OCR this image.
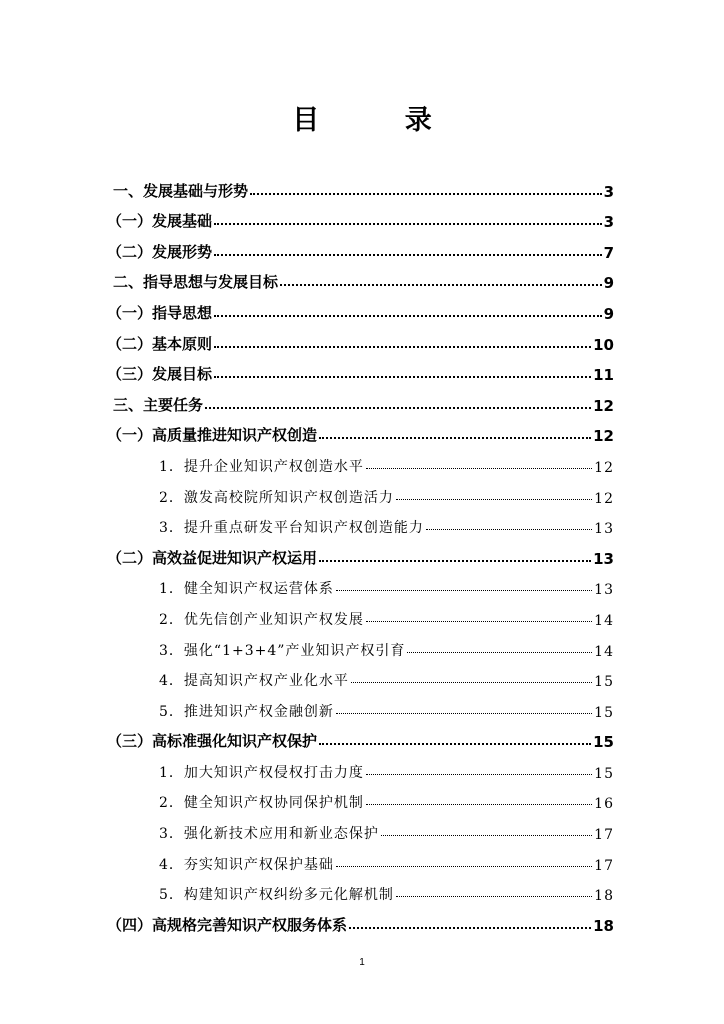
目 录
一、发展基础与形势	3
（一）发展基础	3
（二）发展形势	7
二、指导思想与发展目标	9
（一）指导思想	9
（二）基本原则	10
（三）发展目标	11
三、主要任务	12
（一）高质量推进知识产权创造	12
1．提升企业知识产权创造水平	12
2．激发高校院所知识产权创造活力	12
3．提升重点研发平台知识产权创造能力	13
（二）高效益促进知识产权运用	13
1．健全知识产权运营体系	13
2．优先信创产业知识产权发展	14
3．强化“1+3+4”产业知识产权引育	14
4．提高知识产权产业化水平	15
5．推进知识产权金融创新	15
（三）高标准强化知识产权保护	15
1．加大知识产权侵权打击力度	15
2．健全知识产权协同保护机制	16
3．强化新技术应用和新业态保护	17
4．夯实知识产权保护基础	17
5．构建知识产权纠纷多元化解机制	18
（四）高规格完善知识产权服务体系	18
1
